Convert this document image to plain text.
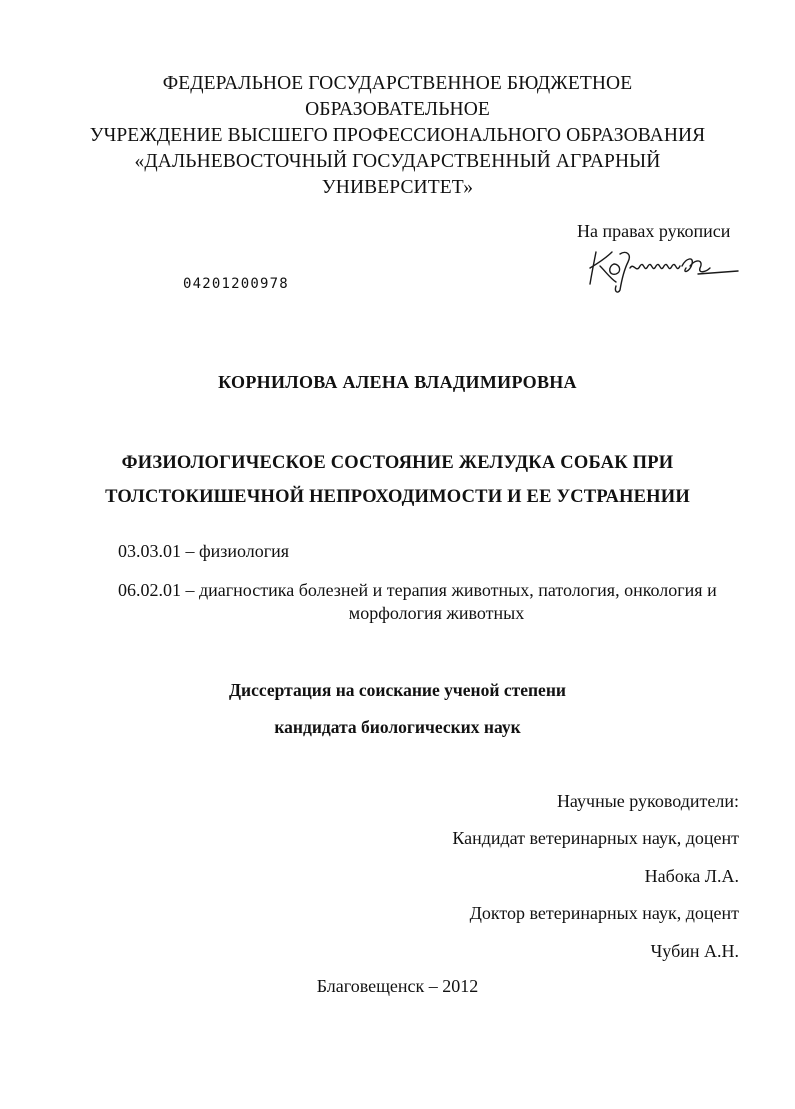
ФЕДЕРАЛЬНОЕ ГОСУДАРСТВЕННОЕ БЮДЖЕТНОЕ
ОБРАЗОВАТЕЛЬНОЕ
УЧРЕЖДЕНИЕ ВЫСШЕГО ПРОФЕССИОНАЛЬНОГО ОБРАЗОВАНИЯ
«ДАЛЬНЕВОСТОЧНЫЙ ГОСУДАРСТВЕННЫЙ АГРАРНЫЙ
УНИВЕРСИТЕТ»
На правах рукописи
04201200978
КОРНИЛОВА АЛЕНА ВЛАДИМИРОВНА
ФИЗИОЛОГИЧЕСКОЕ СОСТОЯНИЕ ЖЕЛУДКА СОБАК ПРИ
ТОЛСТОКИШЕЧНОЙ НЕПРОХОДИМОСТИ И ЕЕ УСТРАНЕНИИ
03.03.01 – физиология
06.02.01 – диагностика болезней и терапия животных, патология, онкология и
морфология животных
Диссертация на соискание ученой степени
кандидата биологических наук
Научные руководители:
Кандидат ветеринарных наук, доцент
Набока Л.А.
Доктор ветеринарных наук, доцент
Чубин А.Н.
Благовещенск – 2012
